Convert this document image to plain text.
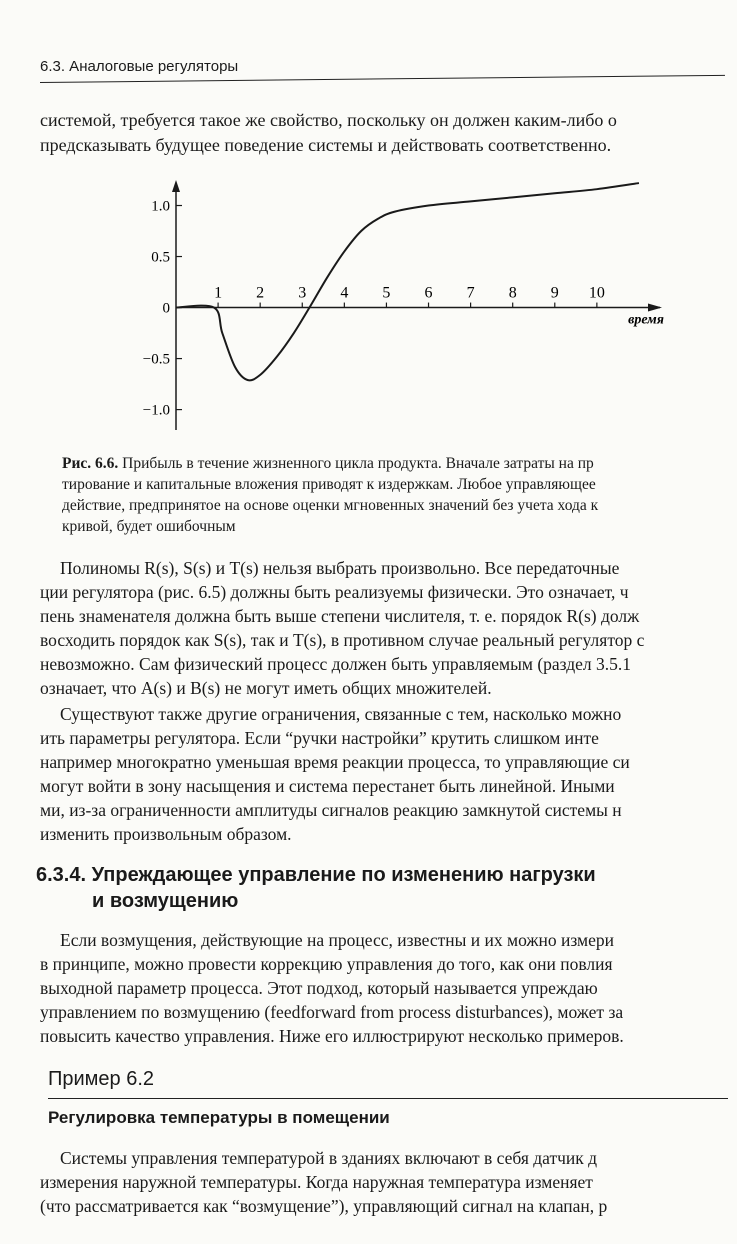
6.3. Аналоговые регуляторы
системой, требуется такое же свойство, поскольку он должен каким-либо о
предсказывать будущее поведение системы и действовать соответственно.
1 2 3 4 5 6 7 8 9 10
1.0
0.5
0
−0.5
−1.0
время
Рис. 6.6. Прибыль в течение жизненного цикла продукта. Вначале затраты на пр
тирование и капитальные вложения приводят к издержкам. Любое управляющее
действие, предпринятое на основе оценки мгновенных значений без учета хода к
кривой, будет ошибочным
Полиномы R(s), S(s) и T(s) нельзя выбрать произвольно. Все передаточные
ции регулятора (рис. 6.5) должны быть реализуемы физически. Это означает, ч
пень знаменателя должна быть выше степени числителя, т. е. порядок R(s) долж
восходить порядок как S(s), так и T(s), в противном случае реальный регулятор с
невозможно. Сам физический процесс должен быть управляемым (раздел 3.5.1
означает, что A(s) и B(s) не могут иметь общих множителей.
Существуют также другие ограничения, связанные с тем, насколько можно
ить параметры регулятора. Если “ручки настройки” крутить слишком инте
например многократно уменьшая время реакции процесса, то управляющие си
могут войти в зону насыщения и система перестанет быть линейной. Иными
ми, из-за ограниченности амплитуды сигналов реакцию замкнутой системы н
изменить произвольным образом.
6.3.4. Упреждающее управление по изменению нагрузки
и возмущению
Если возмущения, действующие на процесс, известны и их можно измери
в принципе, можно провести коррекцию управления до того, как они повлия
выходной параметр процесса. Этот подход, который называется упреждаю
управлением по возмущению (feedforward from process disturbances), может за
повысить качество управления. Ниже его иллюстрируют несколько примеров.
Пример 6.2
Регулировка температуры в помещении
Системы управления температурой в зданиях включают в себя датчик д
измерения наружной температуры. Когда наружная температура изменяет
(что рассматривается как “возмущение”), управляющий сигнал на клапан, р
